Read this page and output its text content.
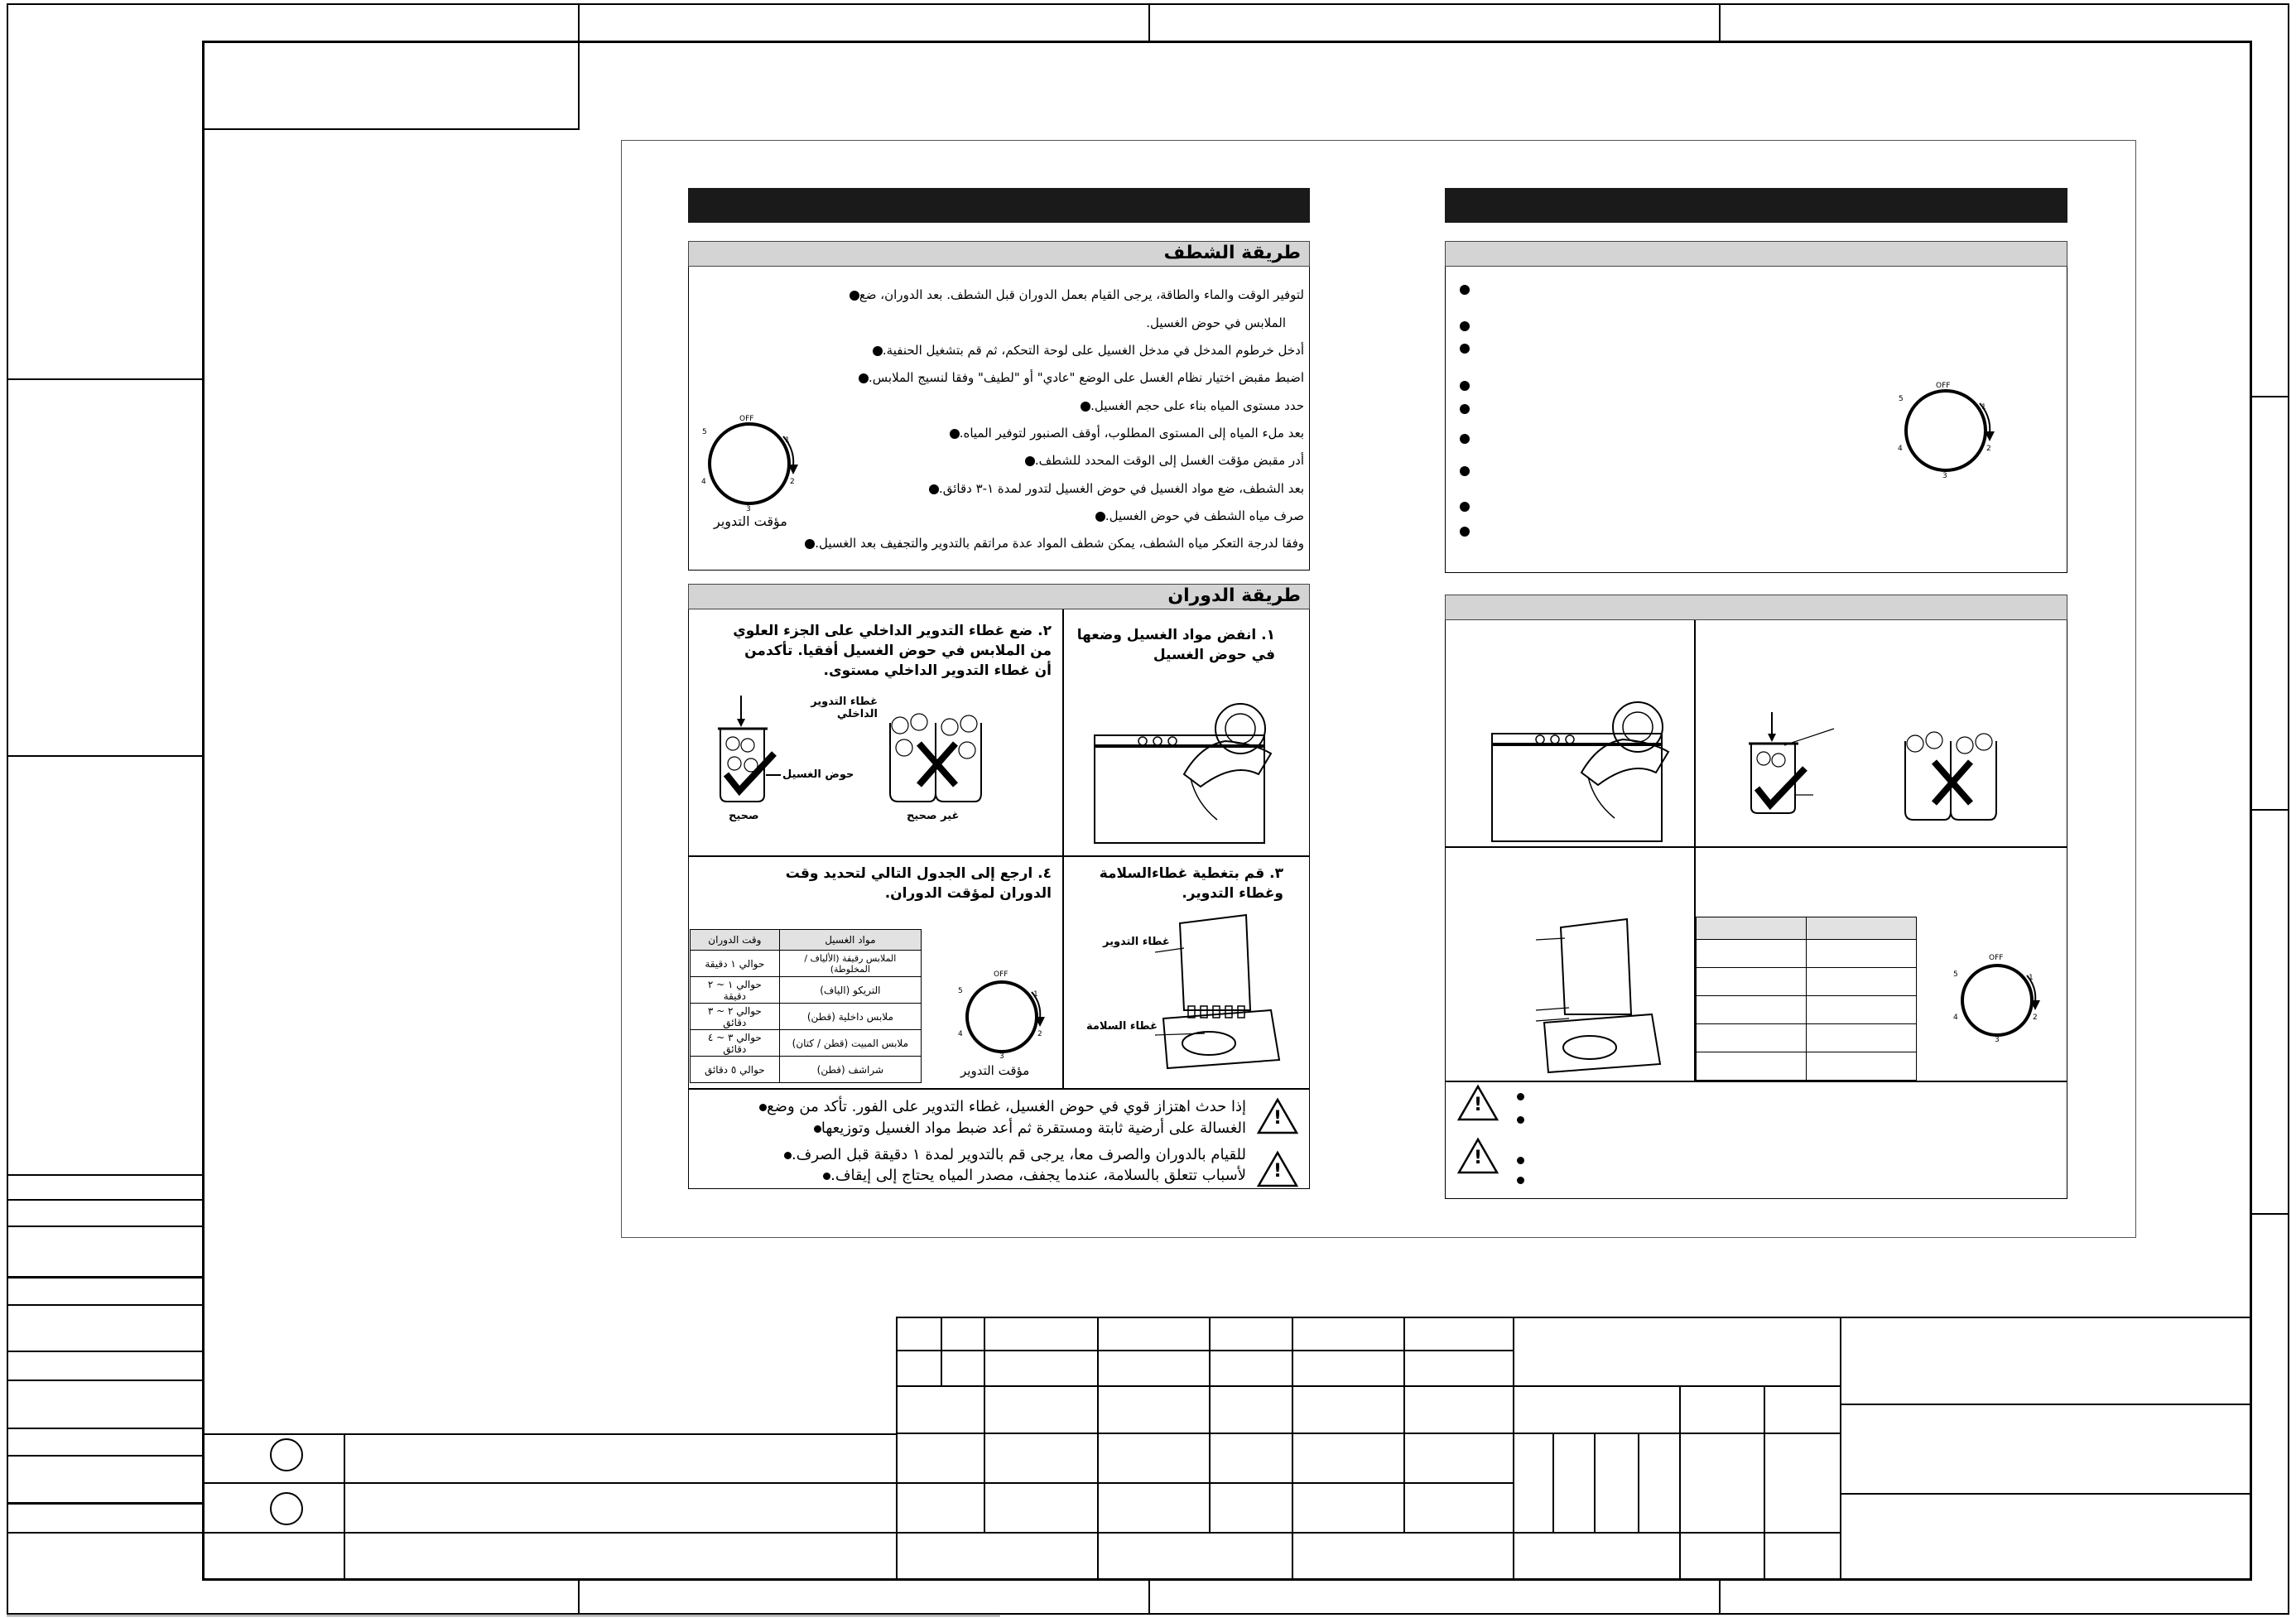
طريقة الشطف
لتوفير الوقت والماء والطاقة، يرجى القيام بعمل الدوران قبل الشطف. بعد الدوران، ضع
الملابس في حوض الغسيل.
أدخل خرطوم المدخل في مدخل الغسيل على لوحة التحكم، ثم قم بتشغيل الحنفية.
اضبط مقبض اختيار نظام الغسل على الوضع "عادي" أو "لطيف" وفقا لنسيج الملابس.
حدد مستوى المياه بناء على حجم الغسيل.
بعد ملء المياه إلى المستوى المطلوب، أوقف الصنبور لتوفير المياه.
أدر مقبض مؤقت الغسل إلى الوقت المحدد للشطف.
بعد الشطف، ضع مواد الغسيل في حوض الغسيل لتدور لمدة ١-٣ دقائق.
صرف مياه الشطف في حوض الغسيل.
وفقا لدرجة التعكر مياه الشطف، يمكن شطف المواد عدة مراتقم بالتدوير والتجفيف بعد الغسيل.
OFF
1
2
3
4
5
مؤقت التدوير
طريقة الدوران
١. انفض مواد الغسيل وضعها في حوض الغسيل
٢. ضع غطاء التدوير الداخلي على الجزء العلوي من الملابس في حوض الغسيل أفقيا. تأكدمن أن غطاء التدوير الداخلي مستوى.
غطاء التدوير الداخلي
حوض الغسيل
صحيح	غير صحيح
٣. قم بتغطية غطاءالسلامة وغطاء التدوير.
غطاء التدوير
غطاء السلامة
٤. ارجع إلى الجدول التالي لتحديد وقت الدوران لمؤقت الدوران.
مواد الغسيل	وقت الدوران
الملابس رقيقة (الألياف / المخلوطة)	حوالي ١ دقيقة
التريكو (الياف)	حوالي ١ ~ ٢ دقيقة
ملابس داخلية (قطن)	حوالي ٢ ~ ٣ دقائق
ملابس المبيت (قطن / كتان)	حوالي ٣ ~ ٤ دقائق
شراشف (قطن)	حوالي ٥ دقائق
OFF
1
2
3
4
5
مؤقت التدوير
!
!
إذا حدث اهتزاز قوي في حوض الغسيل، غطاء التدوير على الفور. تأكد من وضع
الغسالة على أرضية ثابتة ومستقرة ثم أعد ضبط مواد الغسيل وتوزيعها
للقيام بالدوران والصرف معا، يرجى قم بالتدوير لمدة ١ دقيقة قبل الصرف.
لأسباب تتعلق بالسلامة، عندما يجفف، مصدر المياه يحتاج إلى إيقاف.
OFF
1
2
3
4
5

OFF
1
2
3
4
5
!
!
